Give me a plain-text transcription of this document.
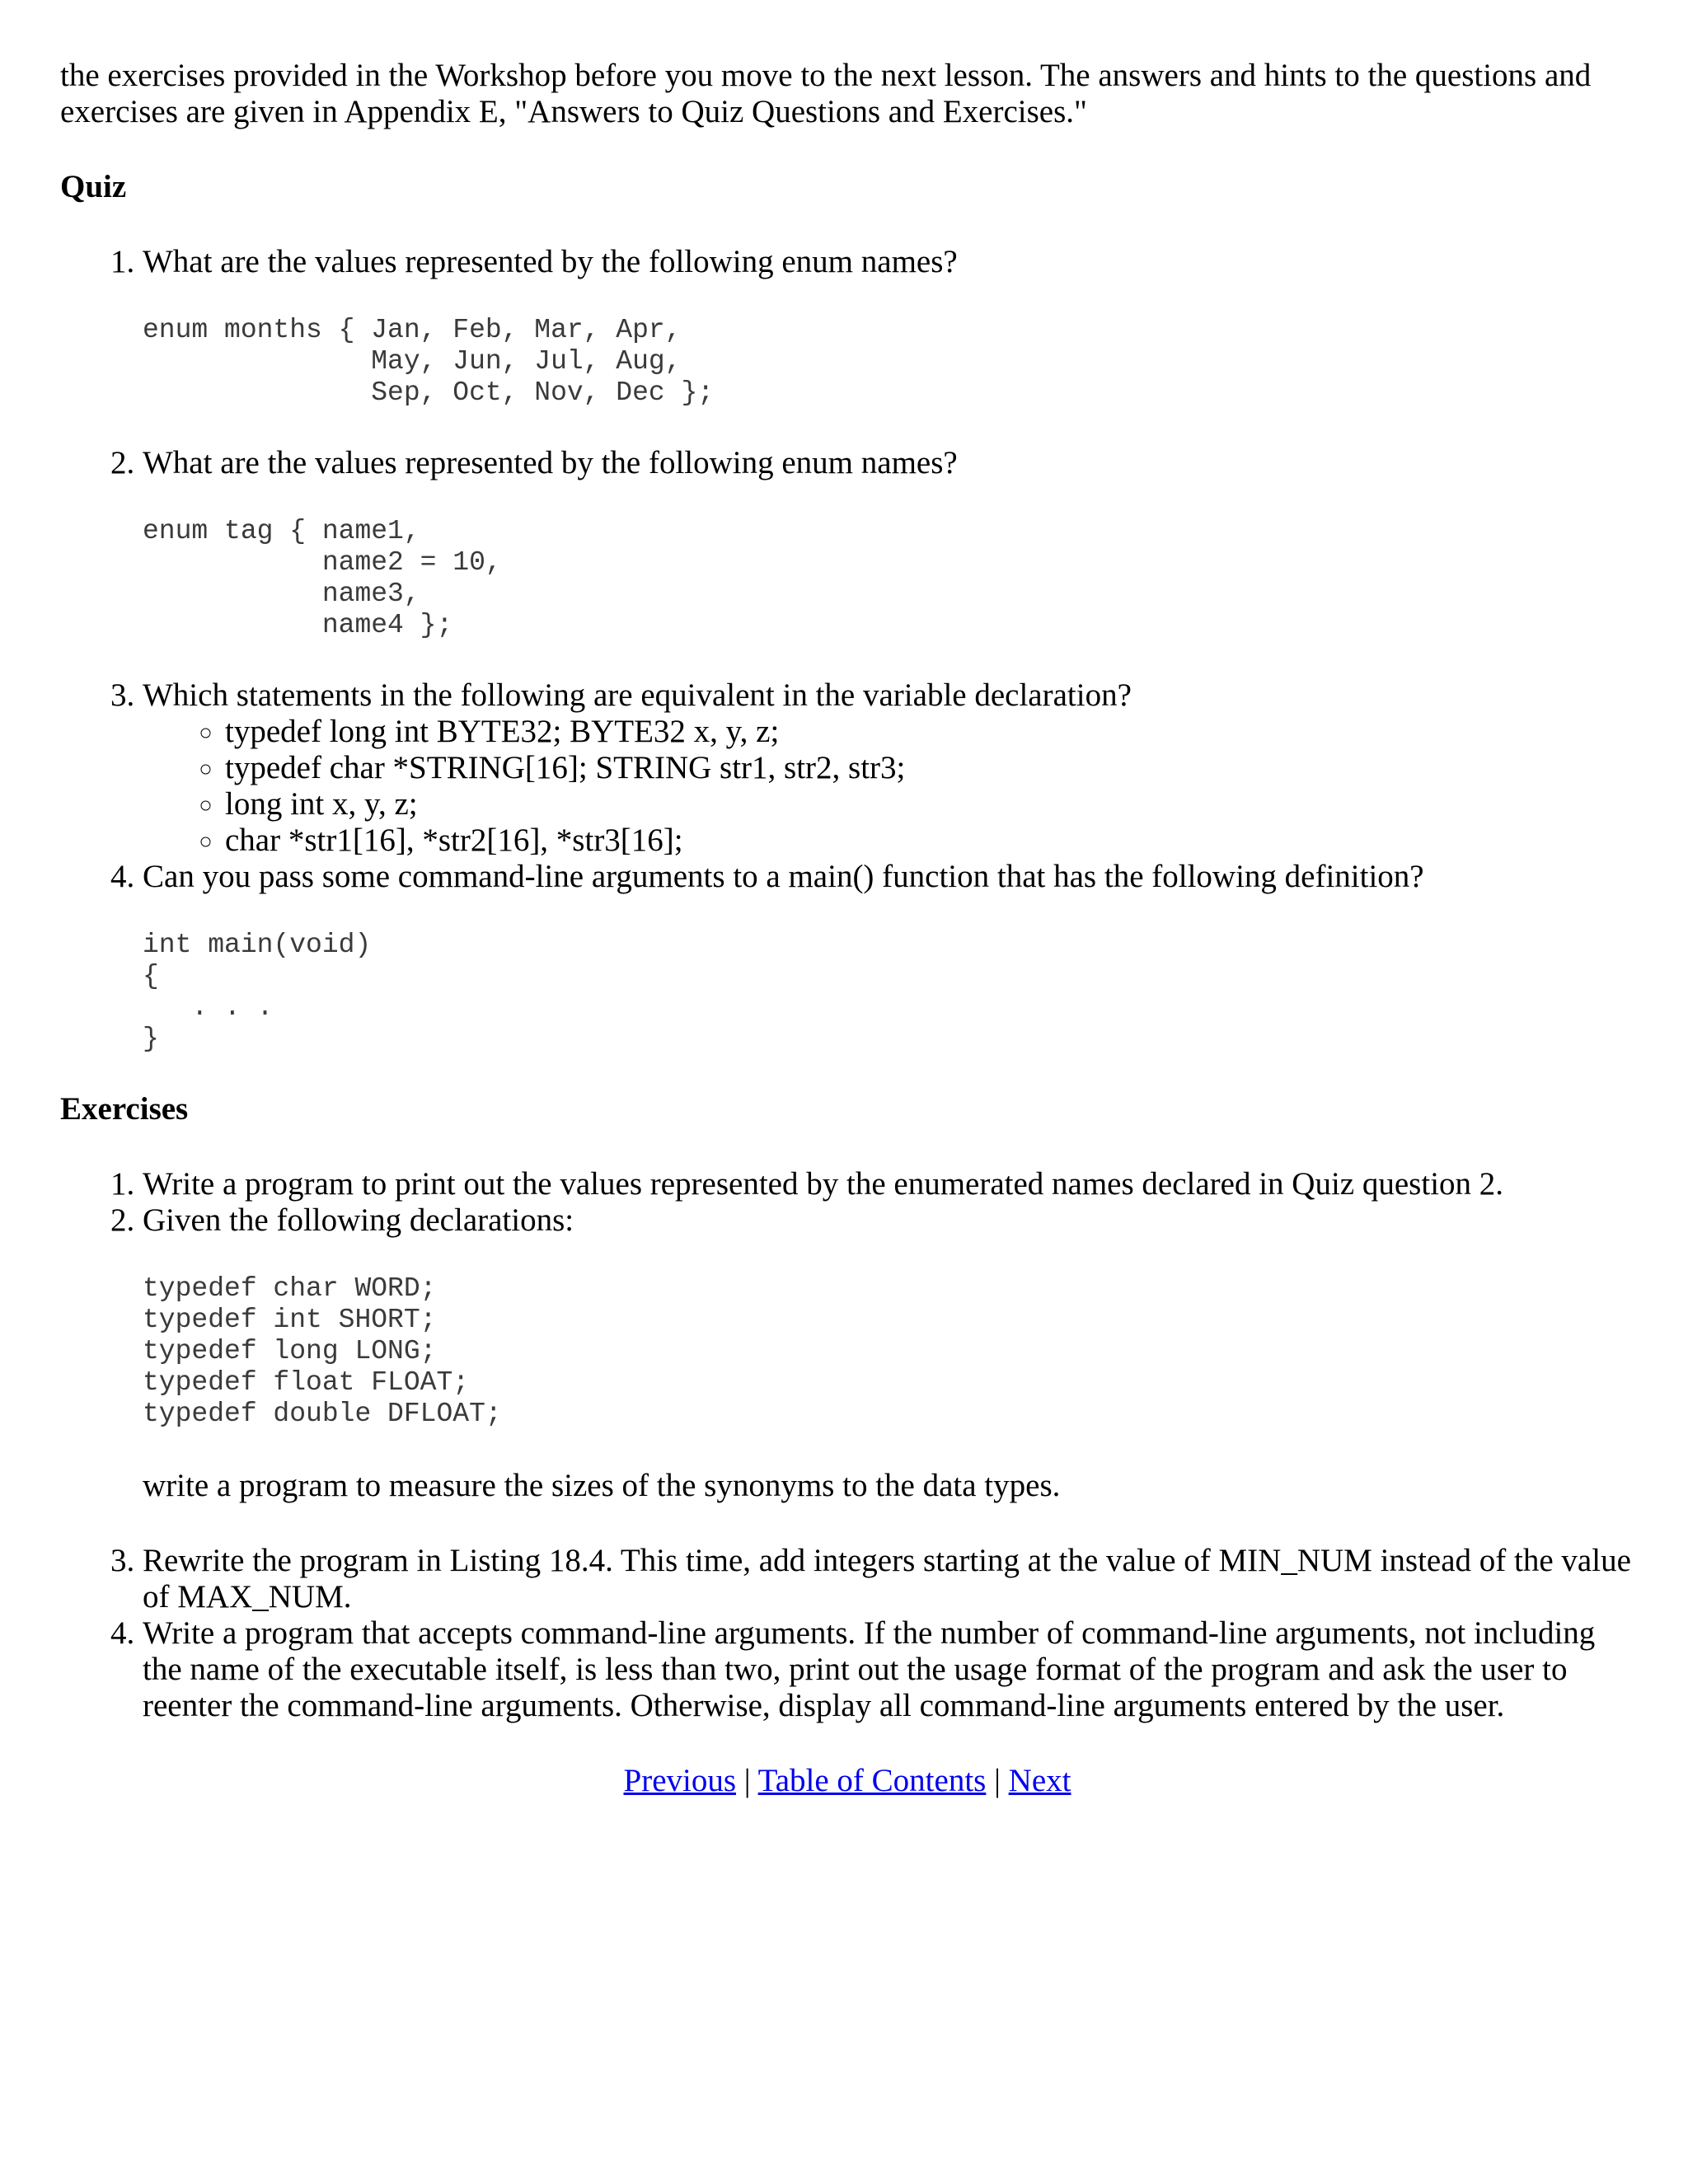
the exercises provided in the Workshop before you move to the next lesson. The answers and hints to the questions and exercises are given in Appendix E, "Answers to Quiz Questions and Exercises."

Quiz
1. What are the values represented by the following enum names?
enum months { Jan, Feb, Mar, Apr,
May, Jun, Jul, Aug,
Sep, Oct, Nov, Dec };
2. What are the values represented by the following enum names?
enum tag { name1,
name2 = 10,
name3,
name4 };
3. Which statements in the following are equivalent in the variable declaration?
◦ typedef long int BYTE32; BYTE32 x, y, z;
◦ typedef char *STRING[16]; STRING str1, str2, str3;
◦ long int x, y, z;
◦ char *str1[16], *str2[16], *str3[16];
4. Can you pass some command-line arguments to a main() function that has the following definition?
int main(void)
{
. . .
}
Exercises
1. Write a program to print out the values represented by the enumerated names declared in Quiz question 2.
2. Given the following declarations:
typedef char WORD;
typedef int SHORT;
typedef long LONG;
typedef float FLOAT;
typedef double DFLOAT;

write a program to measure the sizes of the synonyms to the data types.

3. Rewrite the program in Listing 18.4. This time, add integers starting at the value of MIN_NUM instead of the value of MAX_NUM.
4. Write a program that accepts command-line arguments. If the number of command-line arguments, not including the name of the executable itself, is less than two, print out the usage format of the program and ask the user to reenter the command-line arguments. Otherwise, display all command-line arguments entered by the user.

Previous | Table of Contents | Next
